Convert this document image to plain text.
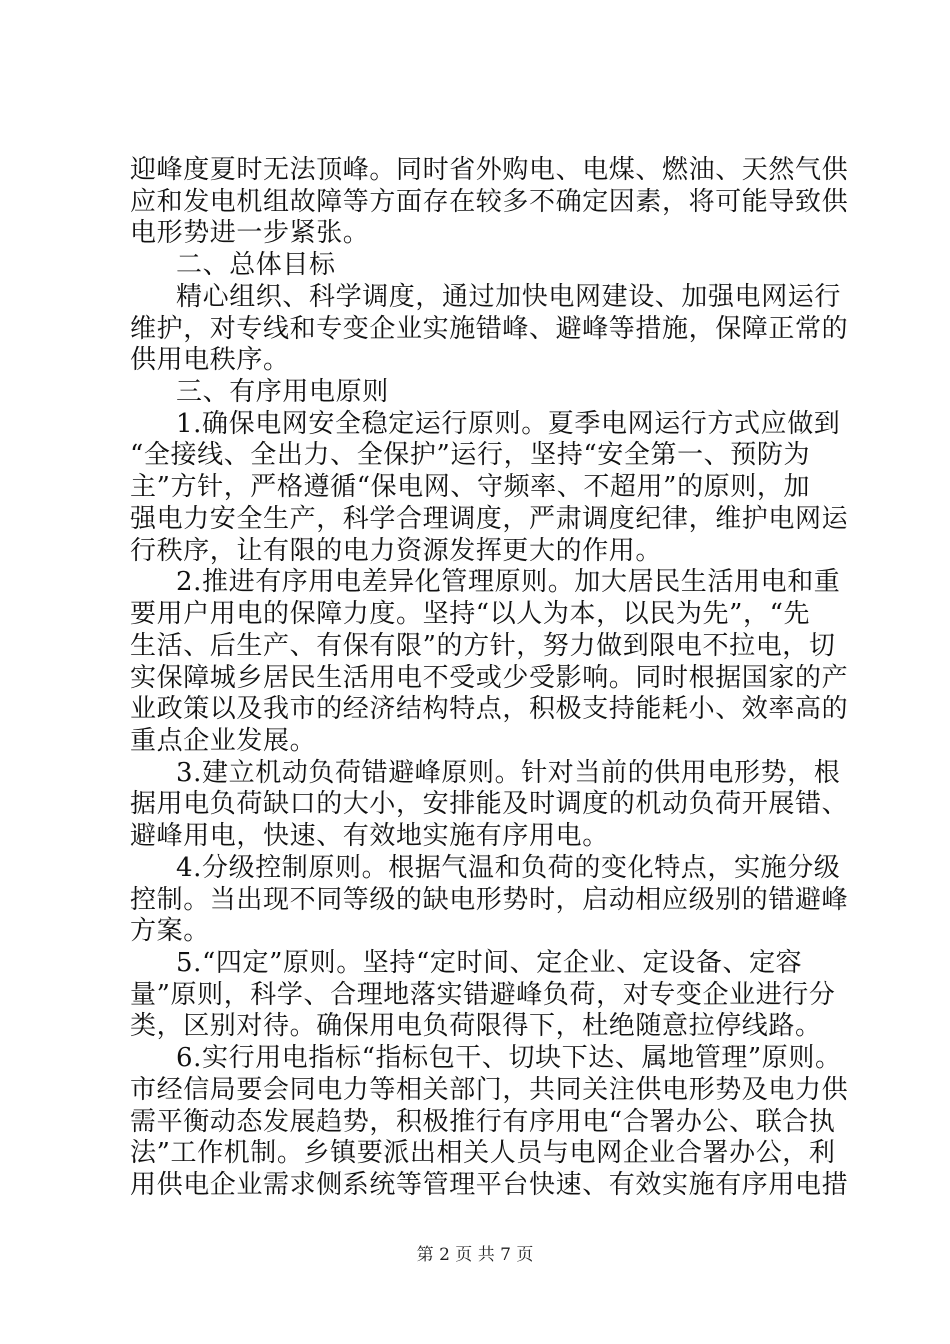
迎峰度夏时无法顶峰。同时省外购电、电煤、燃油、天然气供
应和发电机组故障等方面存在较多不确定因素，将可能导致供
电形势进一步紧张。
二、总体目标
精心组织、科学调度，通过加快电网建设、加强电网运行
维护，对专线和专变企业实施错峰、避峰等措施，保障正常的
供用电秩序。
三、有序用电原则
1.确保电网安全稳定运行原则。夏季电网运行方式应做到
“全接线、全出力、全保护”运行，坚持“安全第一、预防为
主”方针，严格遵循“保电网、守频率、不超用”的原则，加
强电力安全生产，科学合理调度，严肃调度纪律，维护电网运
行秩序，让有限的电力资源发挥更大的作用。
2.推进有序用电差异化管理原则。加大居民生活用电和重
要用户用电的保障力度。坚持“以人为本，以民为先”，“先
生活、后生产、有保有限”的方针，努力做到限电不拉电，切
实保障城乡居民生活用电不受或少受影响。同时根据国家的产
业政策以及我市的经济结构特点，积极支持能耗小、效率高的
重点企业发展。
3.建立机动负荷错避峰原则。针对当前的供用电形势，根
据用电负荷缺口的大小，安排能及时调度的机动负荷开展错、
避峰用电，快速、有效地实施有序用电。
4.分级控制原则。根据气温和负荷的变化特点，实施分级
控制。当出现不同等级的缺电形势时，启动相应级别的错避峰
方案。
5.“四定”原则。坚持“定时间、定企业、定设备、定容
量”原则，科学、合理地落实错避峰负荷，对专变企业进行分
类，区别对待。确保用电负荷限得下，杜绝随意拉停线路。
6.实行用电指标“指标包干、切块下达、属地管理”原则。
市经信局要会同电力等相关部门，共同关注供电形势及电力供
需平衡动态发展趋势，积极推行有序用电“合署办公、联合执
法”工作机制。乡镇要派出相关人员与电网企业合署办公，利
用供电企业需求侧系统等管理平台快速、有效实施有序用电措
第 2 页 共 7 页
